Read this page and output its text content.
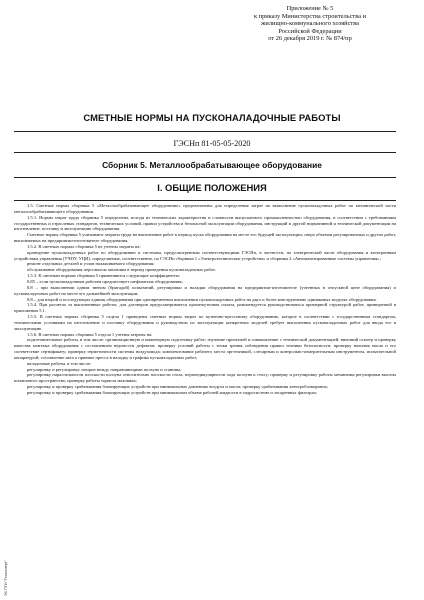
Приложение № 5
к приказу Министерства строительства и
жилищно-коммунального хозяйства
Российской Федерации
от 26 декабря 2019 г. № 874/пр
СМЕТНЫЕ НОРМЫ НА ПУСКОНАЛАДОЧНЫЕ РАБОТЫ
ГЭСНп 81-05-05-2020
Сборник 5. Металлообрабатывающее оборудование
I. ОБЩИЕ ПОЛОЖЕНИЯ

1.5. Сметные нормы сборника 5 «Металлообрабатывающее оборудование» предназначены для определения затрат на выполнение пусконаладочных работ по механической части металлообрабатывающего оборудования.

1.5.1. Нормы затрат труда сборника 5 определены, исходя из технических характеристик и сложности выпускаемого промышленностью оборудования, в соответствии с требованиями государственных и отраслевых стандартов, технических условий, правил устройства и безопасной эксплуатации оборудования, инструкций и другой нормативной и технической документации на изготовление, поставку и эксплуатацию оборудования.

Сметные нормы сборника 5 учитывают затраты труда на выполнение работ в период пуска оборудования на месте его будущей эксплуатации; сверх объемов регулировочных и других работ, выполняемых на предприятии-изготовителе оборудования.

1.5.2. В сметных нормах сборника 5 не учтены затраты на:

проведение пусконаладочных работ по оборудованию и системам, предусмотренным соответствующими ГЭСНп, в частности, по электрической части оборудования и электронным устройствам управления (УЧПУ, УЦИ), определяемые, соответственно, по ГЭСНп сборника 1 «Электротехнические устройства» и сборника 2 «Автоматизированные системы управления»;

ремонт отдельных деталей и узлов налаживаемого оборудования;

обслуживание оборудования персоналом заказчика в период проведения пусконаладочных работ.

1.5.3. К сметным нормам сборника 5 применяются следующие коэффициенты:

0,85 – если пусконаладочным работам предшествует шефмонтаж оборудования;

0,8 – при выполнении одним звеном (бригадой) испытаний, регулировки и наладки оборудования на предприятии-изготовителе (учтенных в отпускной цене оборудования) и пусконаладочных работ на месте его дальнейшей эксплуатации;

0,8 – для второй и последующих единиц оборудования при одновременном выполнении пусконаладочных работ на двух и более конструктивно одинаковых модулях оборудования.

1.5.4. При расчетах за выполненные работы, для договоров предусматривается промежуточная оплата, рекомендуется руководствоваться примерной структурой работ, приведенной в приложении 5.1.

1.5.5. В сметных нормах сборника 5 отдела 1 приведены сметные нормы затрат по кузнечно-прессовому оборудованию, которое в соответствии с государственным стандартом, техническими условиями на изготовление и поставку оборудования и руководством по эксплуатации конкретных моделей требует выполнения пусконаладочных работ для ввода его в эксплуатацию.

1.5.6. В сметных нормах сборника 5 отдела 1 учтены затраты на:

подготовительные работы, в том числе: организационную и инженерную подготовку работ; изучение проектной и ознакомление с технической документацией; внешний осмотр и проверку качества монтажа оборудования с составлением ведомости дефектов; проверку условий работы с точки зрения соблюдения правил техники безопасности; проверку наличия масла и его соответствие сертификату; проверку герметичности системы воздуховода; комплектование рабочего места оргтехникой, слесарным и контрольно-измерительным инструментом, испытательной аппаратурой; составление акта о приемке пресса в наладку и графика пусконаладочных работ;

наладочные работы, в том числе:

регулировку и регулировку зазоров между направляющими ползуна и станины;

регулировку параллельности плоскости ползуна относительно плоскости стола, перпендикулярности хода ползуна к столу; проверку и регулировку работы механизма регулировки высоты штампового пространства; проверку работы тормоза маховика;

регулировку и проверку срабатывания блокирующих устройств при минимальных давлениях воздуха и масла; проверку срабатывания электроблокировок;

регулировку и проверку срабатывания блокирующих устройств при минимальном объеме рабочей жидкости в гидросистеме и засоренных фильтрах;

ЭС ПТИ "Техэксперт"
